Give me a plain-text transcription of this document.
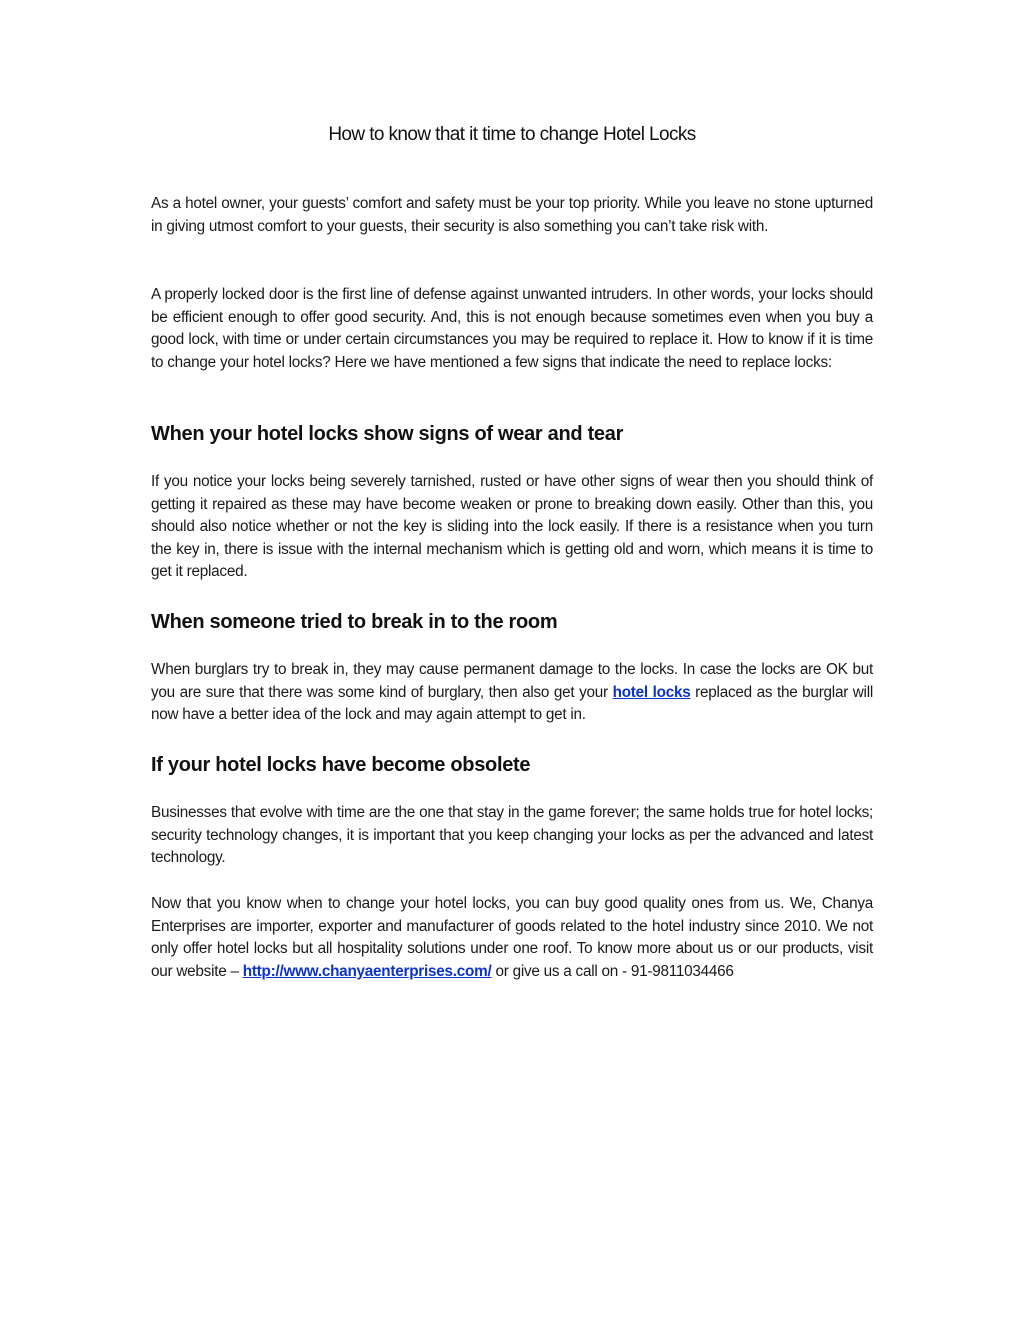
How to know that it time to change Hotel Locks

As a hotel owner, your guests’ comfort and safety must be your top priority. While you leave no stone upturned in giving utmost comfort to your guests, their security is also something you can’t take risk with.

A properly locked door is the first line of defense against unwanted intruders. In other words, your locks should be efficient enough to offer good security. And, this is not enough because sometimes even when you buy a good lock, with time or under certain circumstances you may be required to replace it. How to know if it is time to change your hotel locks? Here we have mentioned a few signs that indicate the need to replace locks:

When your hotel locks show signs of wear and tear

If you notice your locks being severely tarnished, rusted or have other signs of wear then you should think of getting it repaired as these may have become weaken or prone to breaking down easily. Other than this, you should also notice whether or not the key is sliding into the lock easily. If there is a resistance when you turn the key in, there is issue with the internal mechanism which is getting old and worn, which means it is time to get it replaced.

When someone tried to break in to the room

When burglars try to break in, they may cause permanent damage to the locks. In case the locks are OK but you are sure that there was some kind of burglary, then also get your hotel locks replaced as the burglar will now have a better idea of the lock and may again attempt to get in.

If your hotel locks have become obsolete

Businesses that evolve with time are the one that stay in the game forever; the same holds true for hotel locks; security technology changes, it is important that you keep changing your locks as per the advanced and latest technology.

Now that you know when to change your hotel locks, you can buy good quality ones from us. We, Chanya Enterprises are importer, exporter and manufacturer of goods related to the hotel industry since 2010. We not only offer hotel locks but all hospitality solutions under one roof. To know more about us or our products, visit our website – http://www.chanyaenterprises.com/ or give us a call on - 91-9811034466
